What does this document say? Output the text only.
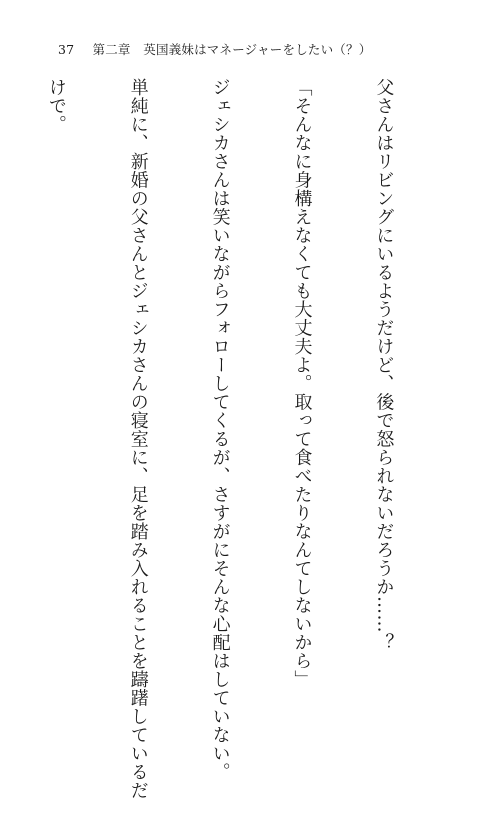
37 第二章　英国義妹はマネージャーをしたい（？）

父さんはリビングにいるようだけど、後で怒られないだろうか……？

「そんなに身構えなくても大丈夫よ。取って食べたりなんてしないから」

ジェシカさんは笑いながらフォローしてくるが、さすがにそんな心配はしていない。

単純に、新婚の父さんとジェシカさんの寝室に、足を踏み入れることを躊躇しているだ

けで。
